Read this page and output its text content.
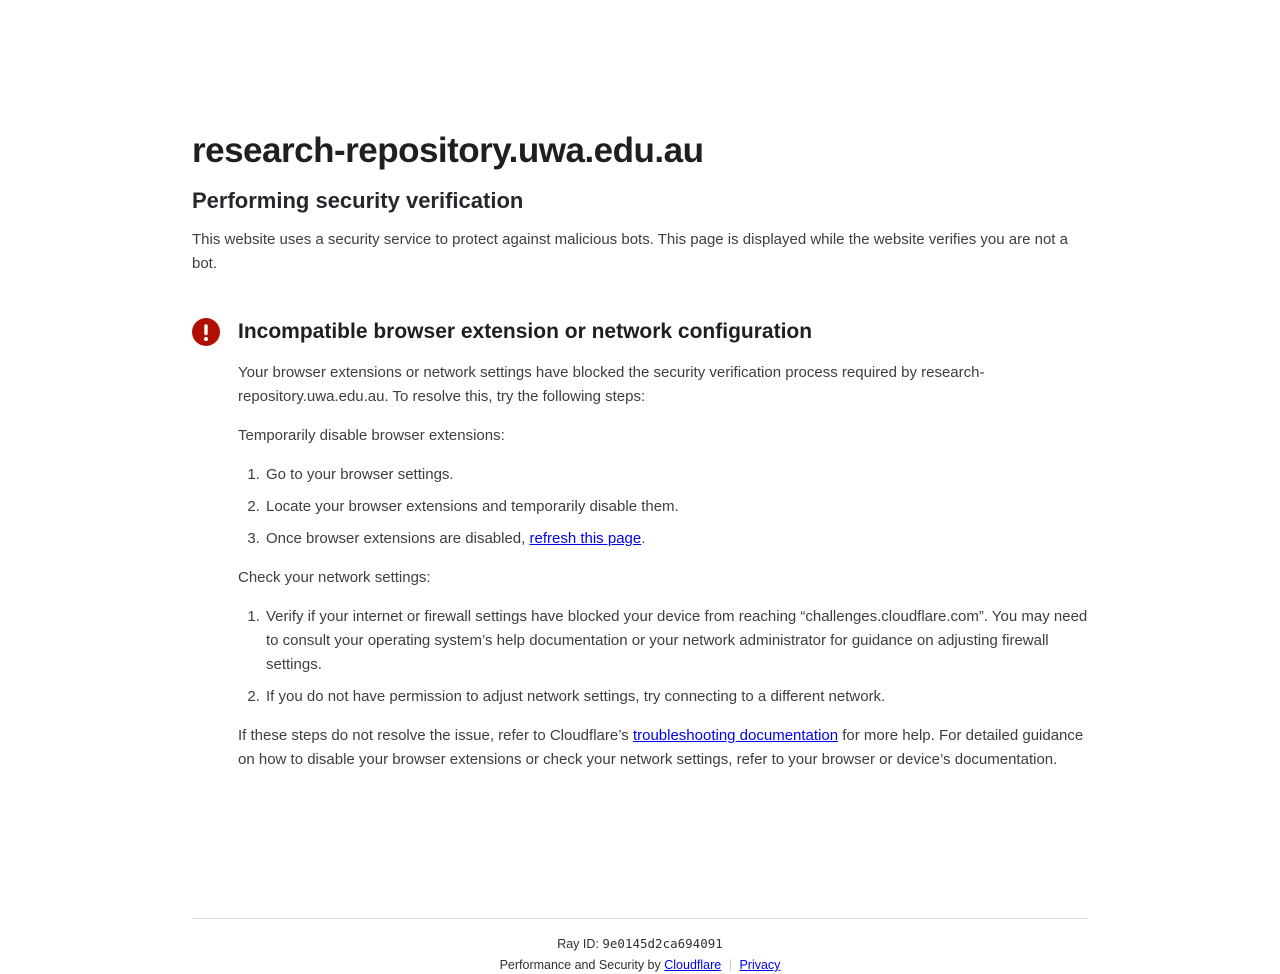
research-repository.uwa.edu.au
Performing security verification

This website uses a security service to protect against malicious bots. This page is displayed while the website verifies you are not a bot.

Incompatible browser extension or network configuration

Your browser extensions or network settings have blocked the security verification process required by research-repository.uwa.edu.au. To resolve this, try the following steps:

Temporarily disable browser extensions:

1. Go to your browser settings.
2. Locate your browser extensions and temporarily disable them.
3. Once browser extensions are disabled, refresh this page.

Check your network settings:

1. Verify if your internet or firewall settings have blocked your device from reaching “challenges.cloudflare.com”. You may need to consult your operating system’s help documentation or your network administrator for guidance on adjusting firewall settings.
2. If you do not have permission to adjust network settings, try connecting to a different network.

If these steps do not resolve the issue, refer to Cloudflare’s troubleshooting documentation for more help. For detailed guidance on how to disable your browser extensions or check your network settings, refer to your browser or device’s documentation.

Ray ID: 9e0145d2ca694091
Performance and Security by Cloudflare | Privacy
